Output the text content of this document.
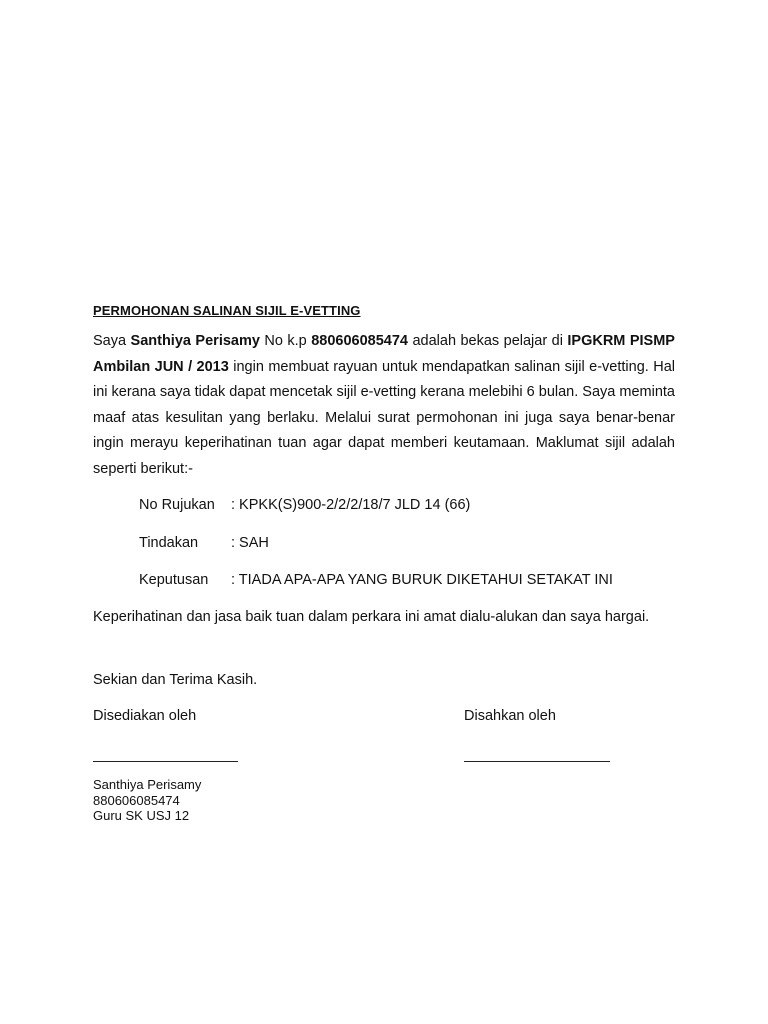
PERMOHONAN SALINAN SIJIL E-VETTING
Saya Santhiya Perisamy No k.p 880606085474 adalah bekas pelajar di IPGKRM PISMP Ambilan JUN / 2013 ingin membuat rayuan untuk mendapatkan salinan sijil e-vetting. Hal ini kerana saya tidak dapat mencetak sijil e-vetting kerana melebihi 6 bulan. Saya meminta maaf atas kesulitan yang berlaku. Melalui surat permohonan ini juga saya benar-benar ingin merayu keperihatinan tuan agar dapat memberi keutamaan. Maklumat sijil adalah seperti berikut:-
No Rujukan : KPKK(S)900-2/2/2/18/7 JLD 14 (66)
Tindakan : SAH
Keputusan : TIADA APA-APA YANG BURUK DIKETAHUI SETAKAT INI
Keperihatinan dan jasa baik tuan dalam perkara ini amat dialu-alukan dan saya hargai.
Sekian dan Terima Kasih.
Disediakan oleh	Disahkan oleh
Santhiya Perisamy
880606085474
Guru SK USJ 12
